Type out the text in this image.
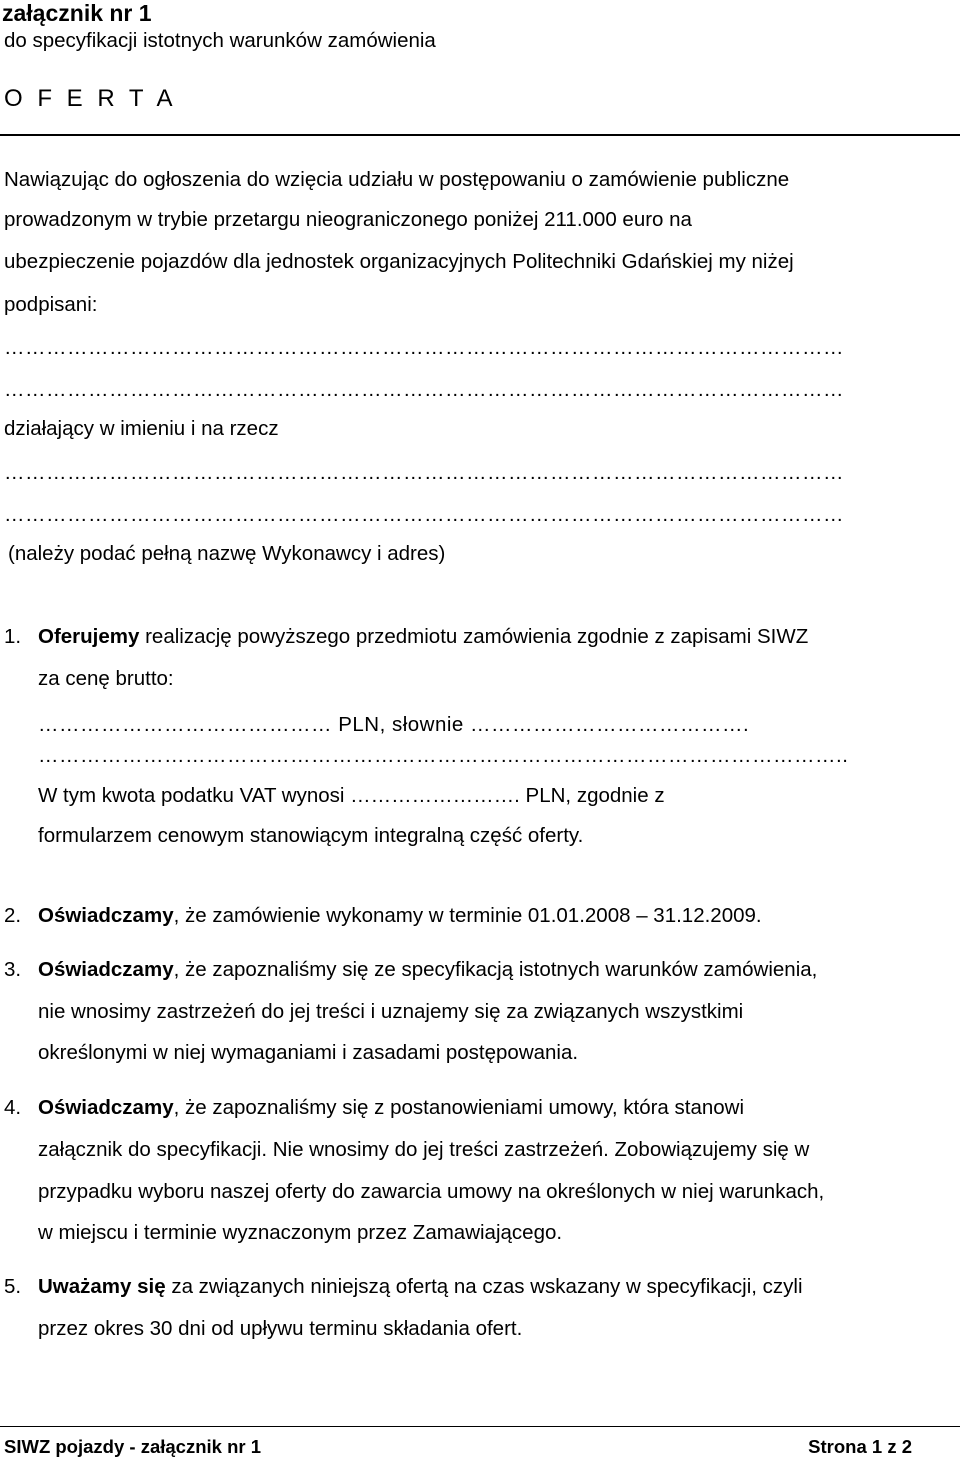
załącznik nr 1
do specyfikacji istotnych warunków zamówienia
O F E R T A
Nawiązując do ogłoszenia do wzięcia udziału w postępowaniu o zamówienie publiczne
prowadzonym w trybie przetargu nieograniczonego poniżej 211.000 euro na
ubezpieczenie pojazdów dla jednostek organizacyjnych Politechniki Gdańskiej my niżej
podpisani:
…………………………………………………………………………………………………………
…………………………………………………………………………………………………………
działający w imieniu i na rzecz
…………………………………………………………………………………………………………
…………………………………………………………………………………………………………
(należy podać pełną nazwę Wykonawcy i adres)
1. Oferujemy realizację powyższego przedmiotu zamówienia zgodnie z zapisami SIWZ
za cenę brutto:
…………………………………… PLN, słownie ………………………………….
……………………………………………………………………………………………………..
W tym kwota podatku VAT wynosi ……………………. PLN, zgodnie z
formularzem cenowym stanowiącym integralną część oferty.
2. Oświadczamy, że zamówienie wykonamy w terminie 01.01.2008 – 31.12.2009.
3. Oświadczamy, że zapoznaliśmy się ze specyfikacją istotnych warunków zamówienia,
nie wnosimy zastrzeżeń do jej treści i uznajemy się za związanych wszystkimi
określonymi w niej wymaganiami i zasadami postępowania.
4. Oświadczamy, że zapoznaliśmy się z postanowieniami umowy, która stanowi
załącznik do specyfikacji. Nie wnosimy do jej treści zastrzeżeń. Zobowiązujemy się w
przypadku wyboru naszej oferty do zawarcia umowy na określonych w niej warunkach,
w miejscu i terminie wyznaczonym przez Zamawiającego.
5. Uważamy się za związanych niniejszą ofertą na czas wskazany w specyfikacji, czyli
przez okres 30 dni od upływu terminu składania ofert.
SIWZ pojazdy - załącznik nr 1	Strona 1 z 2
